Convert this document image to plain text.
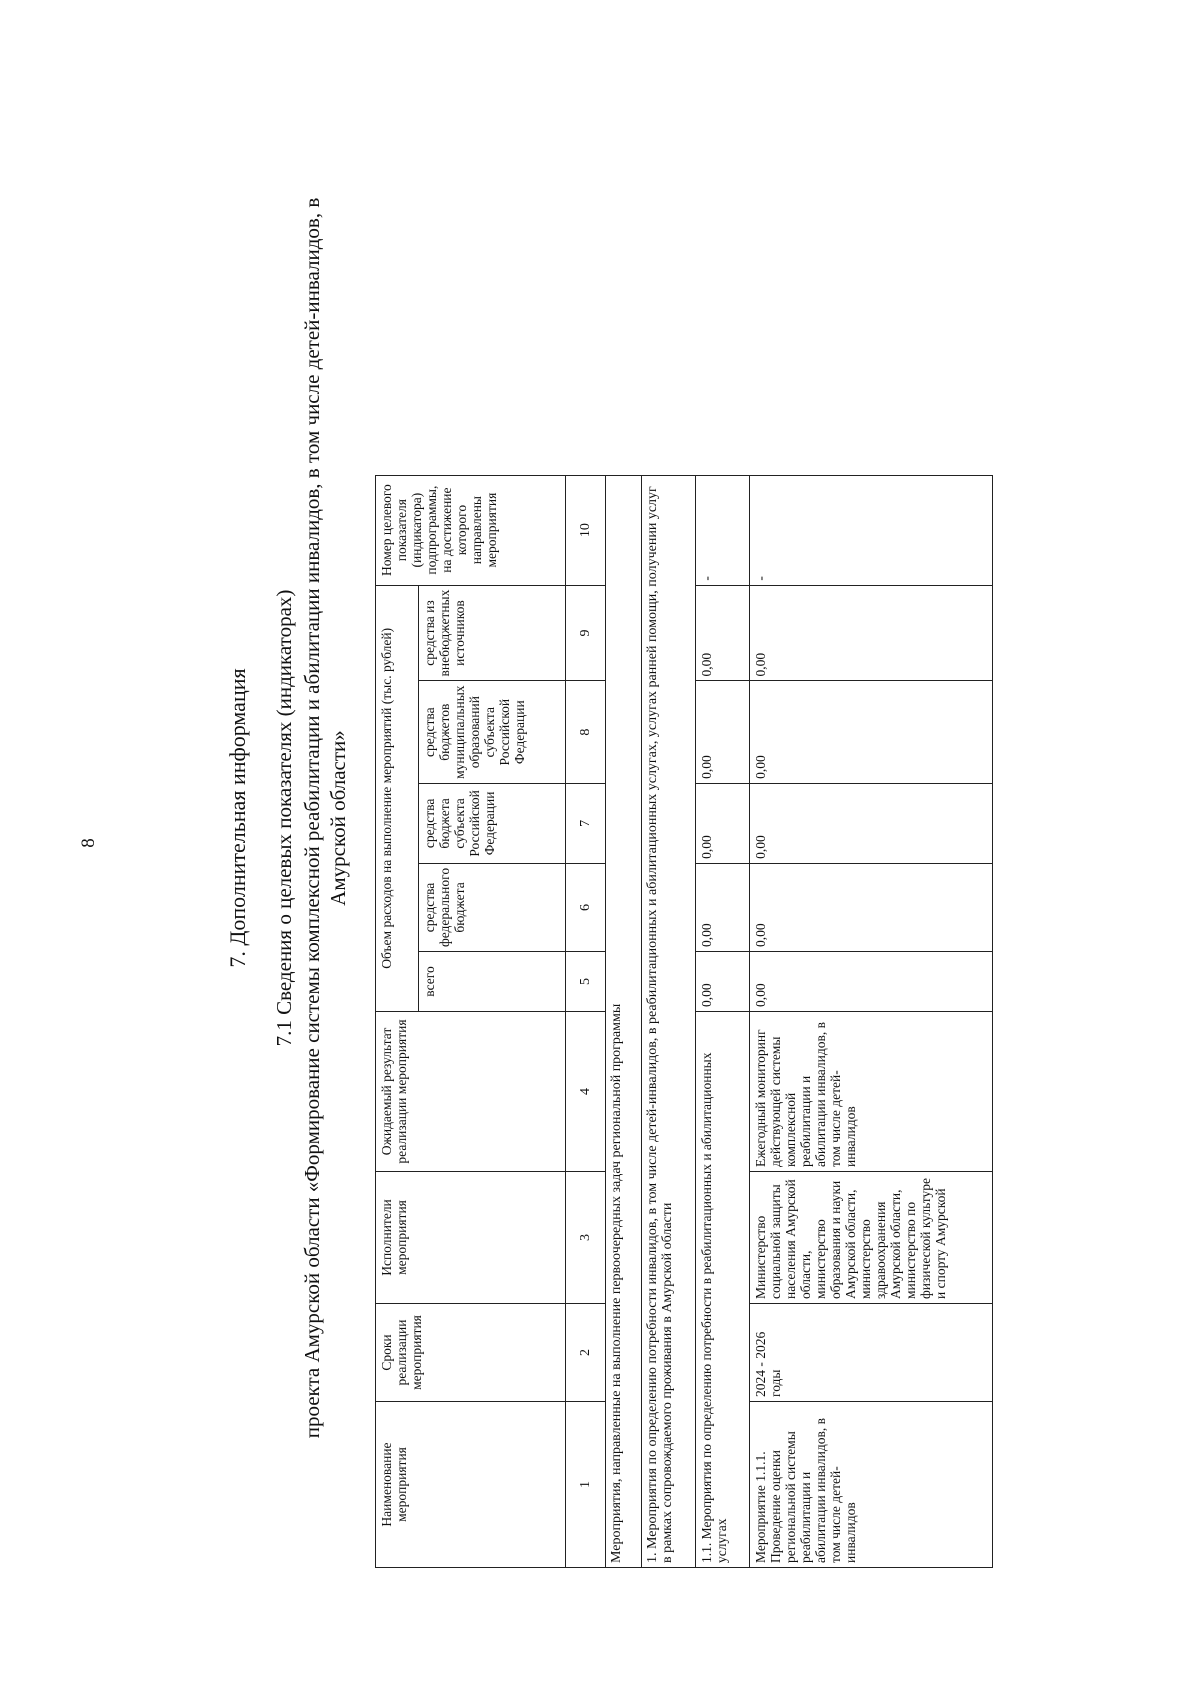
8	7. Дополнительная информация 7.1 Сведения о целевых показателях (индикаторах) проекта Амурской области «Формирование системы комплексной реабилитации и абилитации инвалидов, в том числе детей-инвалидов, в Амурской области»
Наименование мероприятия	Сроки реализации мероприятия	Исполнители мероприятия	Ожидаемый результат реализации мероприятия	Объем расходов на выполнение мероприятий (тыс. рублей)					Номер целевого показателя (индикатора) подпрограммы, на достижение которого направлены мероприятия
				всего	средства федерального бюджета	средства бюджета субъекта Российской Федерации	средства бюджетов муниципальных образований субъекта Российской Федерации	средства из внебюджетных источников	
1	2	3	4	5	6	7	8	9	10
Мероприятия, направленные на выполнение первоочередных задач региональной программы									
1. Мероприятия по определению потребности инвалидов, в том числе детей-инвалидов, в реабилитационных и абилитационных услугах, услугах ранней помощи, получении услуг в рамках сопровождаемого проживания в Амурской области									
1.1. Мероприятия по определению потребности в реабилитационных и абилитационных услугах				0,00	0,00	0,00	0,00	0,00	-
Мероприятие 1.1.1. Проведение оценки региональной системы реабилитации и абилитации инвалидов, в том числе детей-инвалидов	2024 - 2026 годы	Министерство социальной защиты населения Амурской области, министерство образования и науки Амурской области, министерство здравоохранения Амурской области, министерство по физической культуре и спорту Амурской	Ежегодный мониторинг действующей системы комплексной реабилитации и абилитации инвалидов, в том числе детей-инвалидов	0,00	0,00	0,00	0,00	0,00	-
